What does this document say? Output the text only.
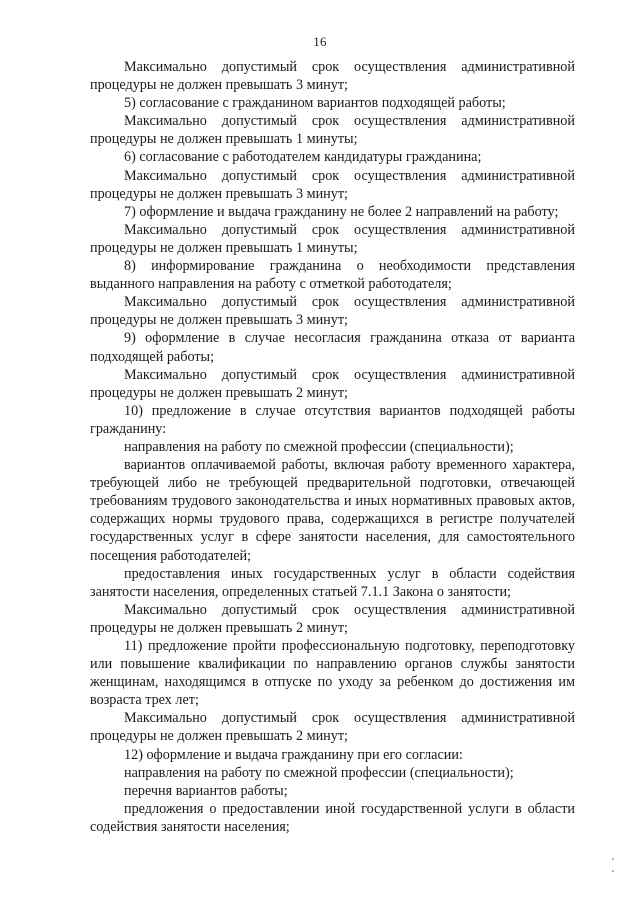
16

Максимально допустимый срок осуществления административной процедуры не должен превышать 3 минут;

5) согласование с гражданином вариантов подходящей работы;

Максимально допустимый срок осуществления административной процедуры не должен превышать 1 минуты;

6) согласование с работодателем кандидатуры гражданина;

Максимально допустимый срок осуществления административной процедуры не должен превышать 3 минут;

7) оформление и выдача гражданину не более 2 направлений на работу;

Максимально допустимый срок осуществления административной процедуры не должен превышать 1 минуты;

8) информирование гражданина о необходимости представления выданного направления на работу с отметкой работодателя;

Максимально допустимый срок осуществления административной процедуры не должен превышать 3 минут;

9) оформление в случае несогласия гражданина отказа от варианта подходящей работы;

Максимально допустимый срок осуществления административной процедуры не должен превышать 2 минут;

10) предложение в случае отсутствия вариантов подходящей работы гражданину:

направления на работу по смежной профессии (специальности);

вариантов оплачиваемой работы, включая работу временного характера, требующей либо не требующей предварительной подготовки, отвечающей требованиям трудового законодательства и иных нормативных правовых актов, содержащих нормы трудового права, содержащихся в регистре получателей государственных услуг в сфере занятости населения, для самостоятельного посещения работодателей;

предоставления иных государственных услуг в области содействия занятости населения, определенных статьей 7.1.1 Закона о занятости;

Максимально допустимый срок осуществления административной процедуры не должен превышать 2 минут;

11) предложение пройти профессиональную подготовку, переподготовку или повышение квалификации по направлению органов службы занятости женщинам, находящимся в отпуске по уходу за ребенком до достижения им возраста трех лет;

Максимально допустимый срок осуществления административной процедуры не должен превышать 2 минут;

12) оформление и выдача гражданину при его согласии:

направления на работу по смежной профессии (специальности);

перечня вариантов работы;

предложения о предоставлении иной государственной услуги в области содействия занятости населения;
